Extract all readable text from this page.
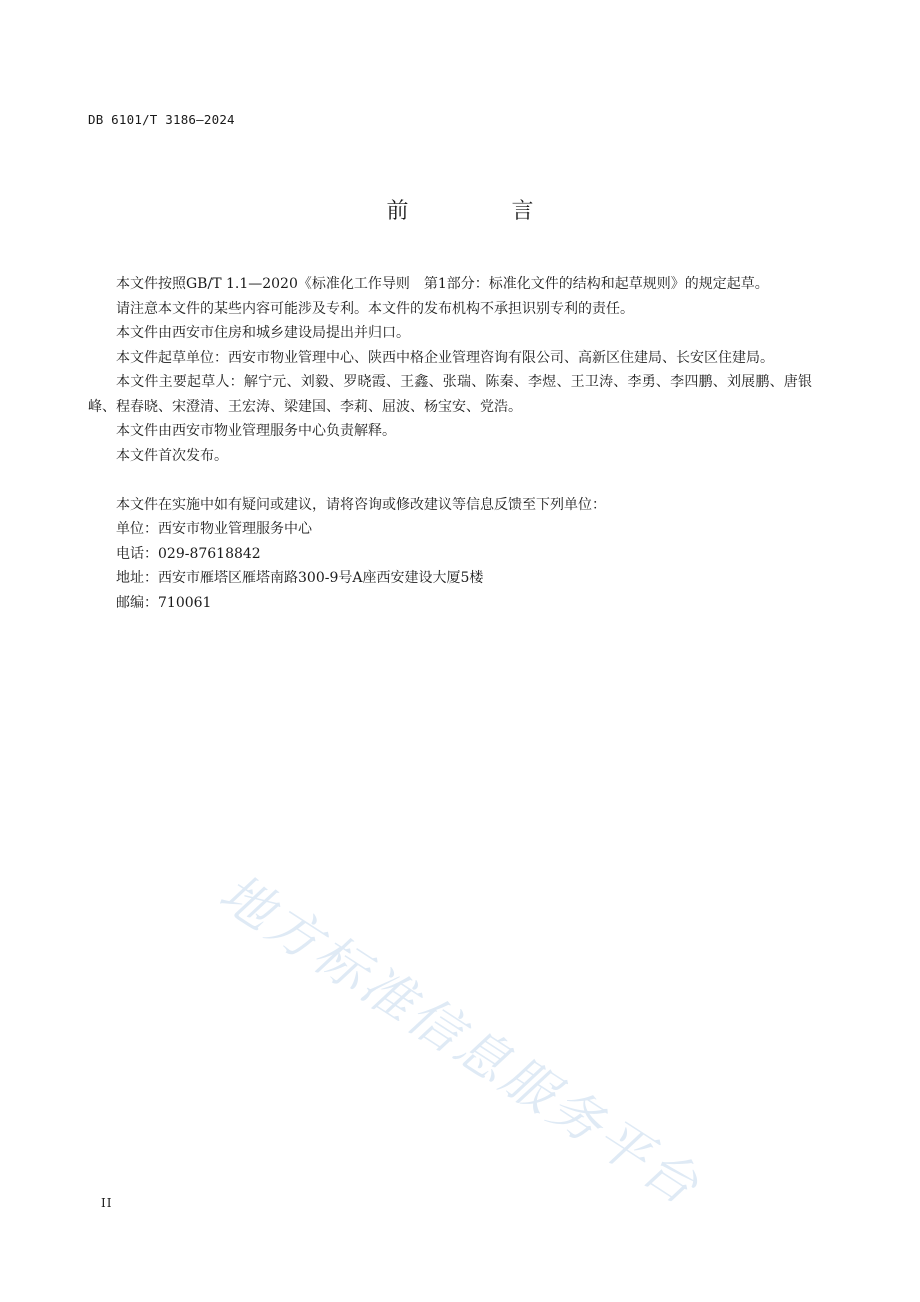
DB 6101/T 3186—2024
前 言

本文件按照GB/T 1.1—2020《标准化工作导则　第1部分：标准化文件的结构和起草规则》的规定起草。

请注意本文件的某些内容可能涉及专利。本文件的发布机构不承担识别专利的责任。

本文件由西安市住房和城乡建设局提出并归口。

本文件起草单位：西安市物业管理中心、陕西中格企业管理咨询有限公司、高新区住建局、长安区住建局。

本文件主要起草人：解宁元、刘毅、罗晓霞、王鑫、张瑞、陈秦、李煜、王卫涛、李勇、李四鹏、刘展鹏、唐银峰、程春晓、宋澄清、王宏涛、梁建国、李莉、屈波、杨宝安、党浩。

本文件由西安市物业管理服务中心负责解释。

本文件首次发布。

本文件在实施中如有疑问或建议，请将咨询或修改建议等信息反馈至下列单位：

单位：西安市物业管理服务中心

电话：029-87618842

地址：西安市雁塔区雁塔南路300-9号A座西安建设大厦5楼

邮编：710061

地方标准信息服务平台
II
